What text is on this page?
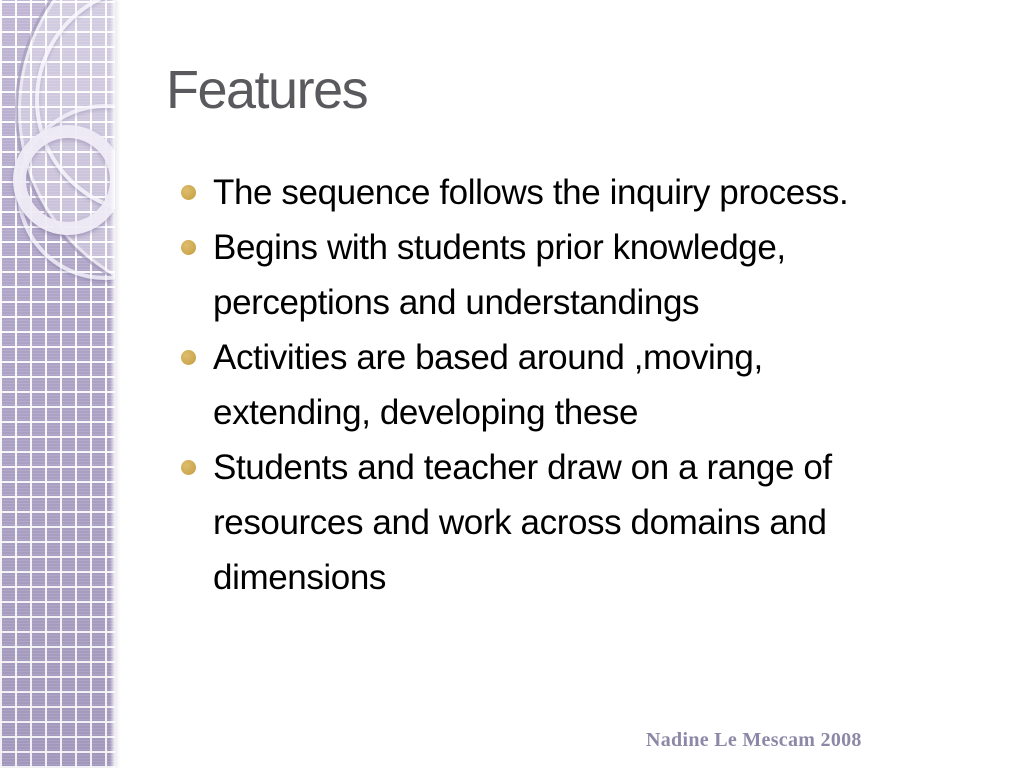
Features
The sequence follows the inquiry process.
Begins with students prior knowledge,
perceptions and understandings
Activities are based around ,moving,
extending, developing these
Students and teacher draw on a range of
resources and work across domains and
dimensions
Nadine Le Mescam 2008
